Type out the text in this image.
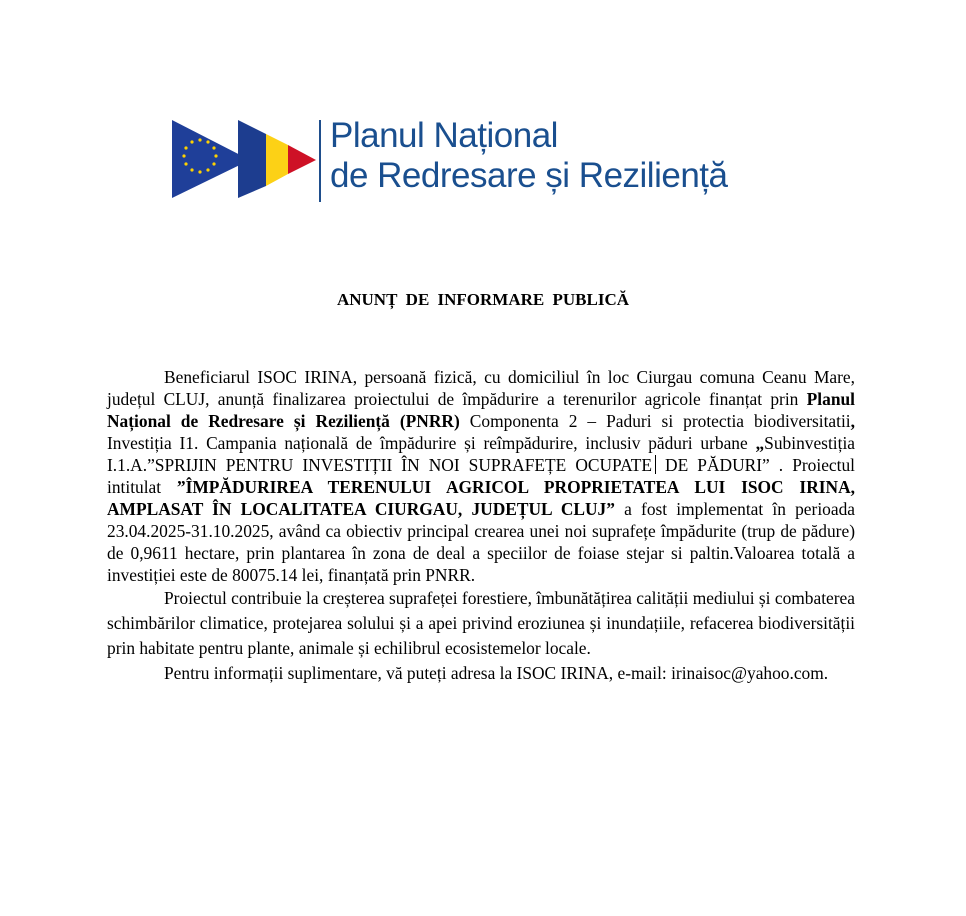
Planul Național
de Redresare și Reziliență
ANUNȚ DE INFORMARE PUBLICĂ

Beneficiarul ISOC IRINA, persoană fizică, cu domiciliul în loc Ciurgau comuna Ceanu Mare, județul CLUJ, anunță finalizarea proiectului de împădurire a terenurilor agricole finanțat prin Planul Național de Redresare și Reziliență (PNRR) Componenta 2 – Paduri si protectia biodiversitatii, Investiția I1. Campania națională de împădurire și reîmpădurire, inclusiv păduri urbane „Subinvestiția I.1.A.”SPRIJIN PENTRU INVESTIȚII ÎN NOI SUPRAFEȚE OCUPATE DE PĂDURI” . Proiectul intitulat ”ÎMPĂDURIREA TERENULUI AGRICOL PROPRIETATEA LUI ISOC IRINA, AMPLASAT ÎN LOCALITATEA CIURGAU, JUDEȚUL CLUJ” a fost implementat în perioada 23.04.2025-31.10.2025, având ca obiectiv principal crearea unei noi suprafețe împădurite (trup de pădure) de 0,9611 hectare, prin plantarea în zona de deal a speciilor de foiase stejar si paltin.Valoarea totală a investiției este de 80075.14 lei, finanțată prin PNRR.

Proiectul contribuie la creșterea suprafeței forestiere, îmbunătățirea calității mediului și combaterea schimbărilor climatice, protejarea solului și a apei privind eroziunea și inundațiile, refacerea biodiversității prin habitate pentru plante, animale și echilibrul ecosistemelor locale.

Pentru informații suplimentare, vă puteți adresa la ISOC IRINA, e-mail: irinaisoc@yahoo.com.
